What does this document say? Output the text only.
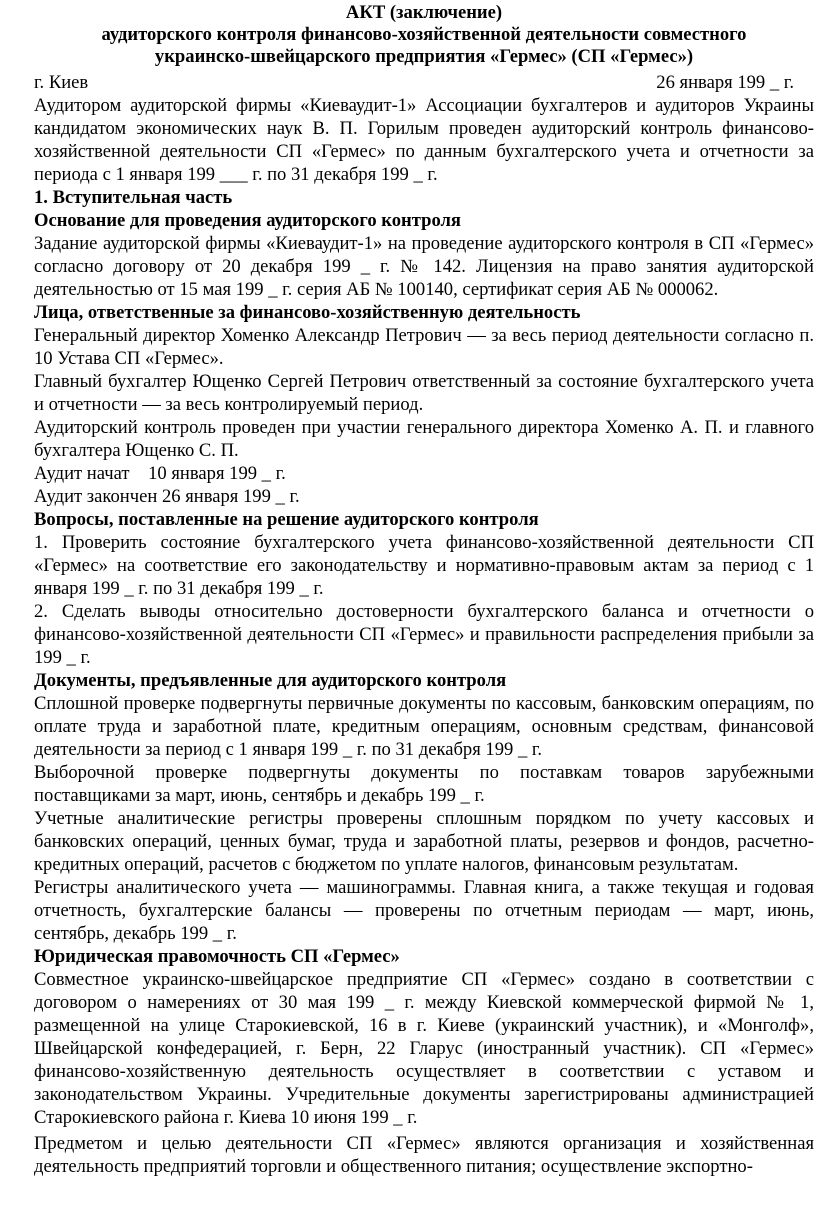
АКТ (заключение)
аудиторского контроля финансово-хозяйственной деятельности совместного
украинско-швейцарского предприятия «Гермес» (СП «Гермес»)
г. Киев	26 января 199 _ г.

Аудитором аудиторской фирмы «Киеваудит-1» Ассоциации бухгалтеров и аудиторов Украины кандидатом экономических наук В. П. Горилым проведен аудиторский контроль финансово-хозяйственной деятельности СП «Гермес» по данным бухгалтерского учета и отчетности за периода с 1 января 199 ___ г. по 31 декабря 199 _ г.

1. Вступительная часть

Основание для проведения аудиторского контроля

Задание аудиторской фирмы «Киеваудит-1» на проведение аудиторского контроля в СП «Гермес» согласно договору от 20 декабря 199 _ г. № 142. Лицензия на право занятия аудиторской деятельностью от 15 мая 199 _ г. серия АБ № 100140, сертификат серия АБ № 000062.

Лица, ответственные за финансово-хозяйственную деятельность

Генеральный директор Хоменко Александр Петрович — за весь период деятельности согласно п. 10 Устава СП «Гермес».

Главный бухгалтер Ющенко Сергей Петрович ответственный за состояние бухгалтерского учета и отчетности — за весь контролируемый период.

Аудиторский контроль проведен при участии генерального директора Хоменко А. П. и главного бухгалтера Ющенко С. П.

Аудит начат    10 января 199 _ г.

Аудит закончен 26 января 199 _ г.

Вопросы, поставленные на решение аудиторского контроля

1. Проверить состояние бухгалтерского учета финансово-хозяйственной деятельности СП «Гермес» на соответствие его законодательству и нормативно-правовым актам за период с 1 января 199 _ г. по 31 декабря 199 _ г.

2. Сделать выводы относительно достоверности бухгалтерского баланса и отчетности о финансово-хозяйственной деятельности СП «Гермес» и правильности распределения прибыли за 199 _ г.

Документы, предъявленные для аудиторского контроля

Сплошной проверке подвергнуты первичные документы по кассовым, банковским операциям, по оплате труда и заработной плате, кредитным операциям, основным средствам, финансовой деятельности за период с 1 января 199 _ г. по 31 декабря 199 _ г.

Выборочной проверке подвергнуты документы по поставкам товаров зарубежными поставщиками за март, июнь, сентябрь и декабрь 199 _ г.

Учетные аналитические регистры проверены сплошным порядком по учету кассовых и банковских операций, ценных бумаг, труда и заработной платы, резервов и фондов, расчетно-кредитных операций, расчетов с бюджетом по уплате налогов, финансовым результатам.

Регистры аналитического учета — машинограммы. Главная книга, а также текущая и годовая отчетность, бухгалтерские балансы — проверены по отчетным периодам — март, июнь, сентябрь, декабрь 199 _ г.

Юридическая правомочность СП «Гермес»

Совместное украинско-швейцарское предприятие СП «Гермес» создано в соответствии с договором о намерениях от 30 мая 199 _ г. между Киевской коммерческой фирмой № 1, размещенной на улице Старокиевской, 16 в г. Киеве (украинский участник), и «Монголф», Швейцарской конфедерацией, г. Берн, 22 Гларус (иностранный участник). СП «Гермес» финансово-хозяйственную деятельность осуществляет в соответствии с уставом и законодательством Украины. Учредительные документы зарегистрированы администрацией Старокиевского района г. Киева 10 июня 199 _ г.

Предметом и целью деятельности СП «Гермес» являются организация и хозяйственная деятельность предприятий торговли и общественного питания; осуществление экспортно-
